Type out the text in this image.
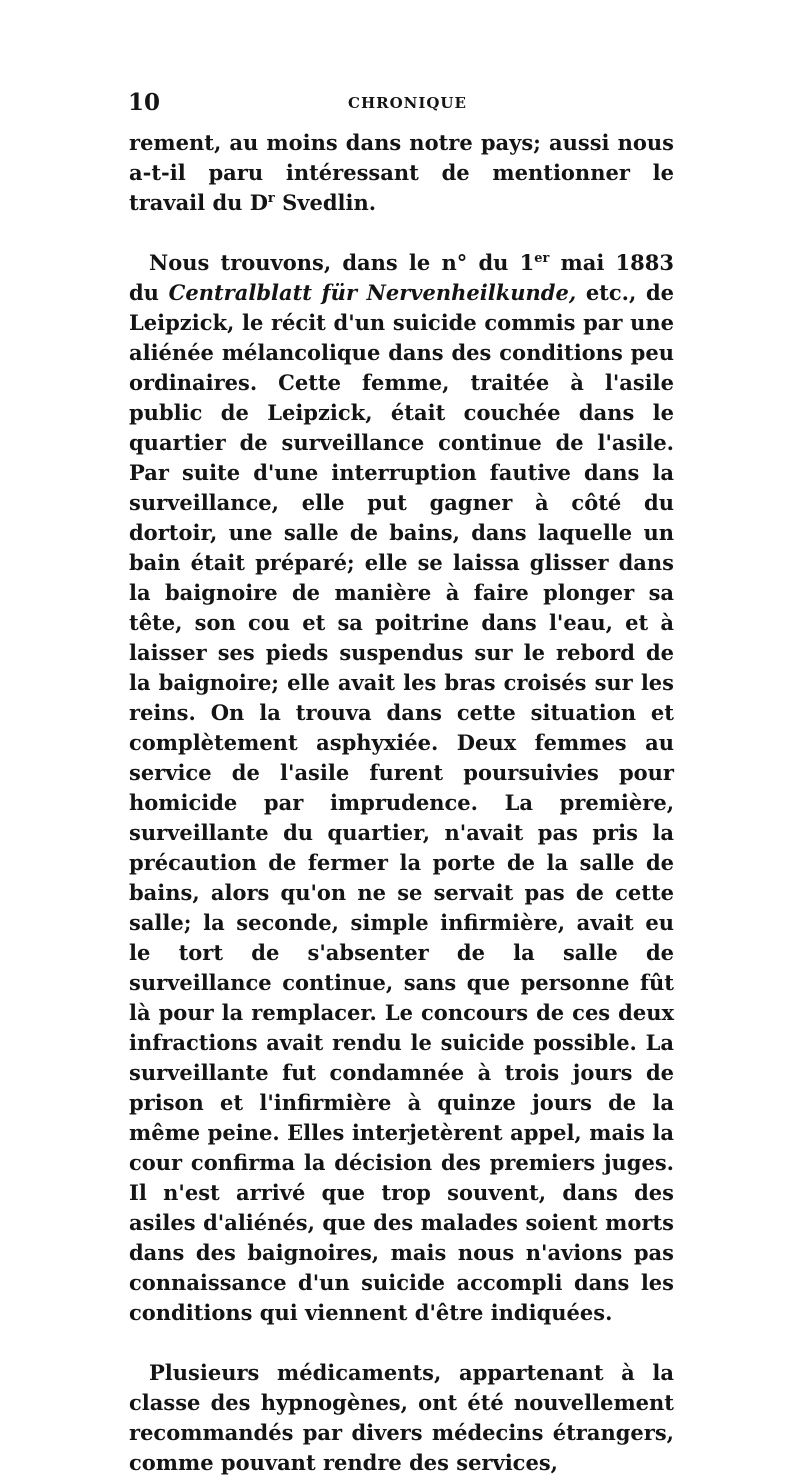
10	CHRONIQUE

rement, au moins dans notre pays; aussi nous a-t-il paru intéressant de mentionner le travail du $D^r$ Svedlin.

Nous trouvons, dans le n° du 1er mai 1883 du Centralblatt für Nervenheilkunde, etc., de Leipzick, le récit d'un suicide commis par une aliénée mélancolique dans des conditions peu ordinaires. Cette femme, traitée à l'asile public de Leipzick, était couchée dans le quartier de surveillance continue de l'asile. Par suite d'une interruption fautive dans la surveillance, elle put gagner à côté du dortoir, une salle de bains, dans laquelle un bain était préparé; elle se laissa glisser dans la baignoire de manière à faire plonger sa tête, son cou et sa poitrine dans l'eau, et à laisser ses pieds suspendus sur le rebord de la baignoire; elle avait les bras croisés sur les reins. On la trouva dans cette situation et complètement asphyxiée. Deux femmes au service de l'asile furent poursuivies pour homicide par imprudence. La première, surveillante du quartier, n'avait pas pris la précaution de fermer la porte de la salle de bains, alors qu'on ne se servait pas de cette salle; la seconde, simple infirmière, avait eu le tort de s'absenter de la salle de surveillance continue, sans que personne fût là pour la remplacer. Le concours de ces deux infractions avait rendu le suicide possible. La surveillante fut condamnée à trois jours de prison et l'infirmière à quinze jours de la même peine. Elles interjetèrent appel, mais la cour confirma la décision des premiers juges. Il n'est arrivé que trop souvent, dans des asiles d'aliénés, que des malades soient morts dans des baignoires, mais nous n'avions pas connaissance d'un suicide accompli dans les conditions qui viennent d'être indiquées.

Plusieurs médicaments, appartenant à la classe des hypnogènes, ont été nouvellement recommandés par divers médecins étrangers, comme pouvant rendre des services,
